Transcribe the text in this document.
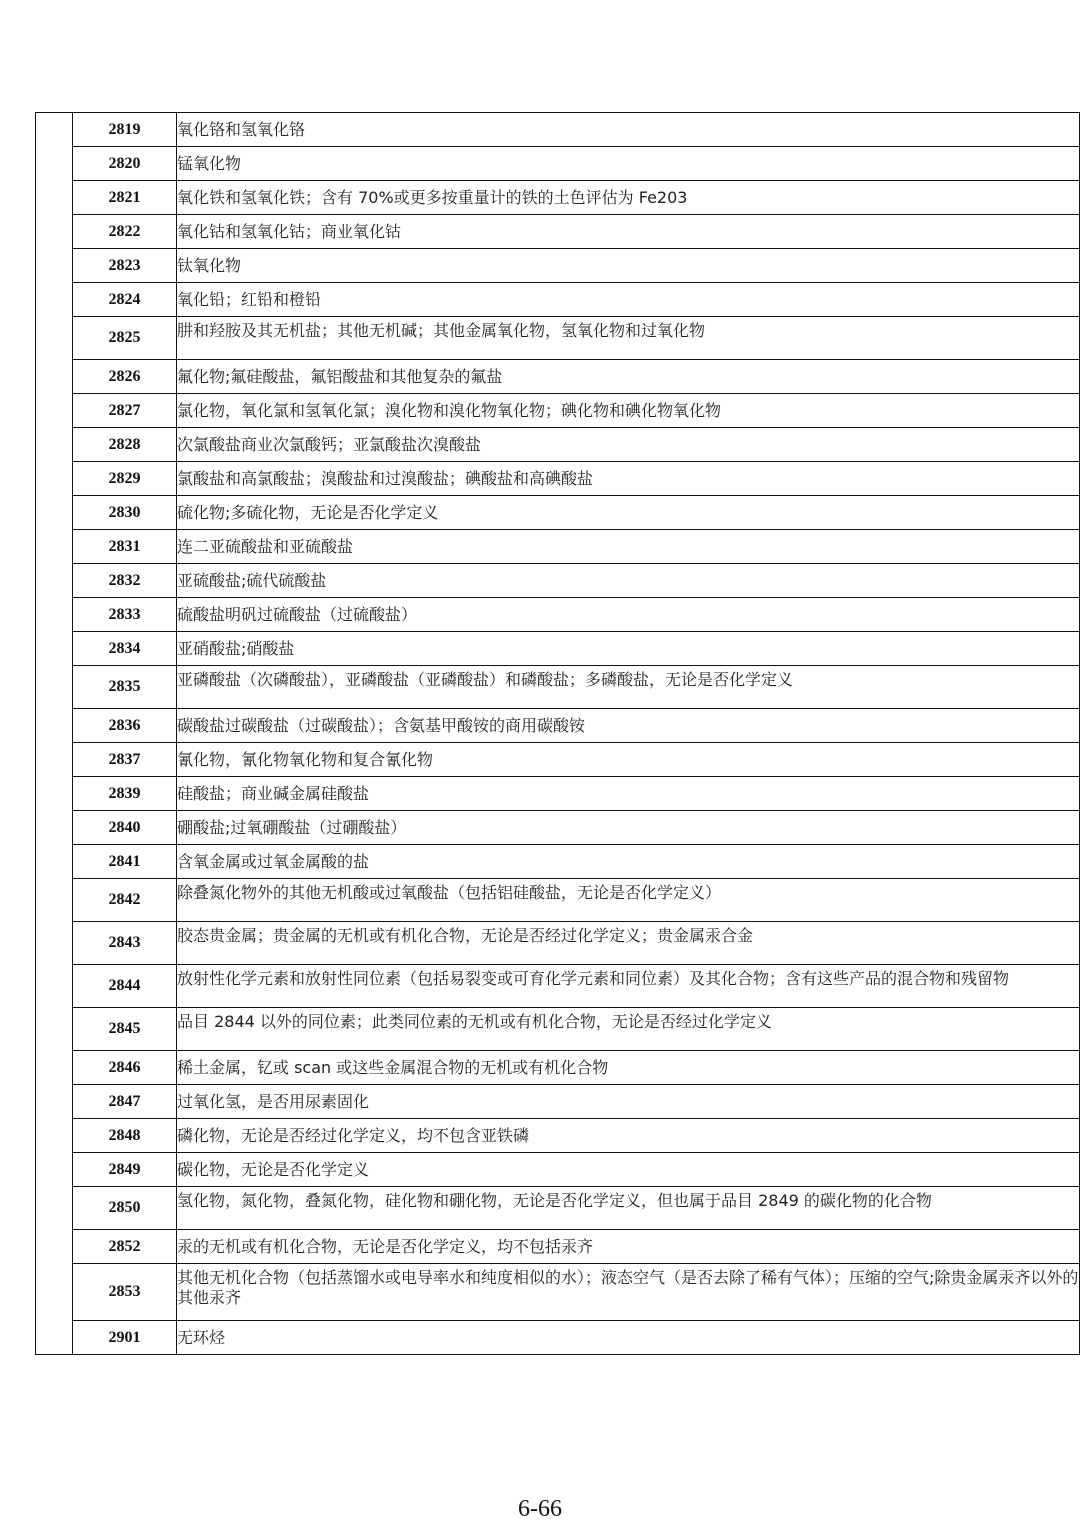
	2819	氧化铬和氢氧化铬
	2820	锰氧化物
	2821	氧化铁和氢氧化铁；含有 70%或更多按重量计的铁的土色评估为 Fe203
	2822	氧化钴和氢氧化钴；商业氧化钴
	2823	钛氧化物
	2824	氧化铅；红铅和橙铅
	2825	肼和羟胺及其无机盐；其他无机碱；其他金属氧化物，氢氧化物和过氧化物
	2826	氟化物;氟硅酸盐，氟铝酸盐和其他复杂的氟盐
	2827	氯化物，氧化氯和氢氧化氯；溴化物和溴化物氧化物；碘化物和碘化物氧化物
	2828	次氯酸盐商业次氯酸钙；亚氯酸盐次溴酸盐
	2829	氯酸盐和高氯酸盐；溴酸盐和过溴酸盐；碘酸盐和高碘酸盐
	2830	硫化物;多硫化物，无论是否化学定义
	2831	连二亚硫酸盐和亚硫酸盐
	2832	亚硫酸盐;硫代硫酸盐
	2833	硫酸盐明矾过硫酸盐（过硫酸盐）
	2834	亚硝酸盐;硝酸盐
	2835	亚磷酸盐（次磷酸盐），亚磷酸盐（亚磷酸盐）和磷酸盐；多磷酸盐，无论是否化学定义
	2836	碳酸盐过碳酸盐（过碳酸盐）；含氨基甲酸铵的商用碳酸铵
	2837	氰化物，氰化物氧化物和复合氰化物
	2839	硅酸盐；商业碱金属硅酸盐
	2840	硼酸盐;过氧硼酸盐（过硼酸盐）
	2841	含氧金属或过氧金属酸的盐
	2842	除叠氮化物外的其他无机酸或过氧酸盐（包括铝硅酸盐，无论是否化学定义）
	2843	胶态贵金属；贵金属的无机或有机化合物，无论是否经过化学定义；贵金属汞合金
	2844	放射性化学元素和放射性同位素（包括易裂变或可育化学元素和同位素）及其化合物；含有这些产品的混合物和残留物
	2845	品目 2844 以外的同位素；此类同位素的无机或有机化合物，无论是否经过化学定义
	2846	稀土金属，钇或 scan 或这些金属混合物的无机或有机化合物
	2847	过氧化氢，是否用尿素固化
	2848	磷化物，无论是否经过化学定义，均不包含亚铁磷
	2849	碳化物，无论是否化学定义
	2850	氢化物，氮化物，叠氮化物，硅化物和硼化物，无论是否化学定义，但也属于品目 2849 的碳化物的化合物
	2852	汞的无机或有机化合物，无论是否化学定义，均不包括汞齐
	2853	其他无机化合物（包括蒸馏水或电导率水和纯度相似的水）；液态空气（是否去除了稀有气体）；压缩的空气;除贵金属汞齐以外的其他汞齐
	2901	无环烃
6-66
